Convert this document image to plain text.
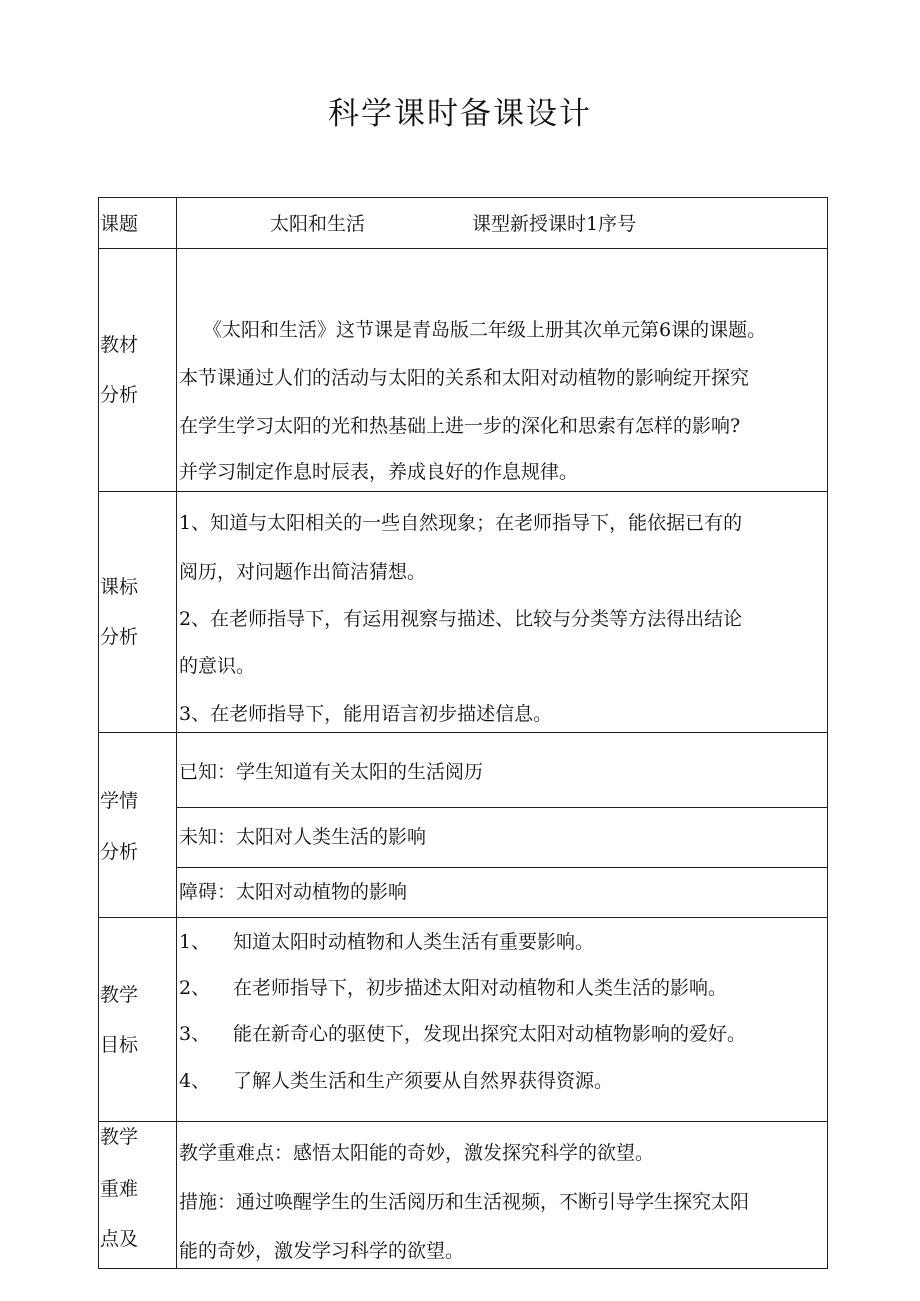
科学课时备课设计
课题	太阳和生活	课型新授课时1序号
教材
分析
《太阳和生活》这节课是青岛版二年级上册其次单元第6课的课题。
本节课通过人们的活动与太阳的关系和太阳对动植物的影响绽开探究
在学生学习太阳的光和热基础上进一步的深化和思索有怎样的影响?
并学习制定作息时辰表，养成良好的作息规律。
课标
分析
1、知道与太阳相关的一些自然现象；在老师指导下，能依据已有的
阅历，对问题作出简洁猜想。
2、在老师指导下，有运用视察与描述、比较与分类等方法得出结论
的意识。
3、在老师指导下，能用语言初步描述信息。
学情
分析
已知：学生知道有关太阳的生活阅历
未知：太阳对人类生活的影响
障碍：太阳对动植物的影响
教学
目标
1、 知道太阳时动植物和人类生活有重要影响。
2、 在老师指导下，初步描述太阳对动植物和人类生活的影响。
3、 能在新奇心的驱使下，发现出探究太阳对动植物影响的爱好。
4、 了解人类生活和生产须要从自然界获得资源。
教学
重难
点及
教学重难点：感悟太阳能的奇妙，激发探究科学的欲望。
措施：通过唤醒学生的生活阅历和生活视频，不断引导学生探究太阳
能的奇妙，激发学习科学的欲望。
